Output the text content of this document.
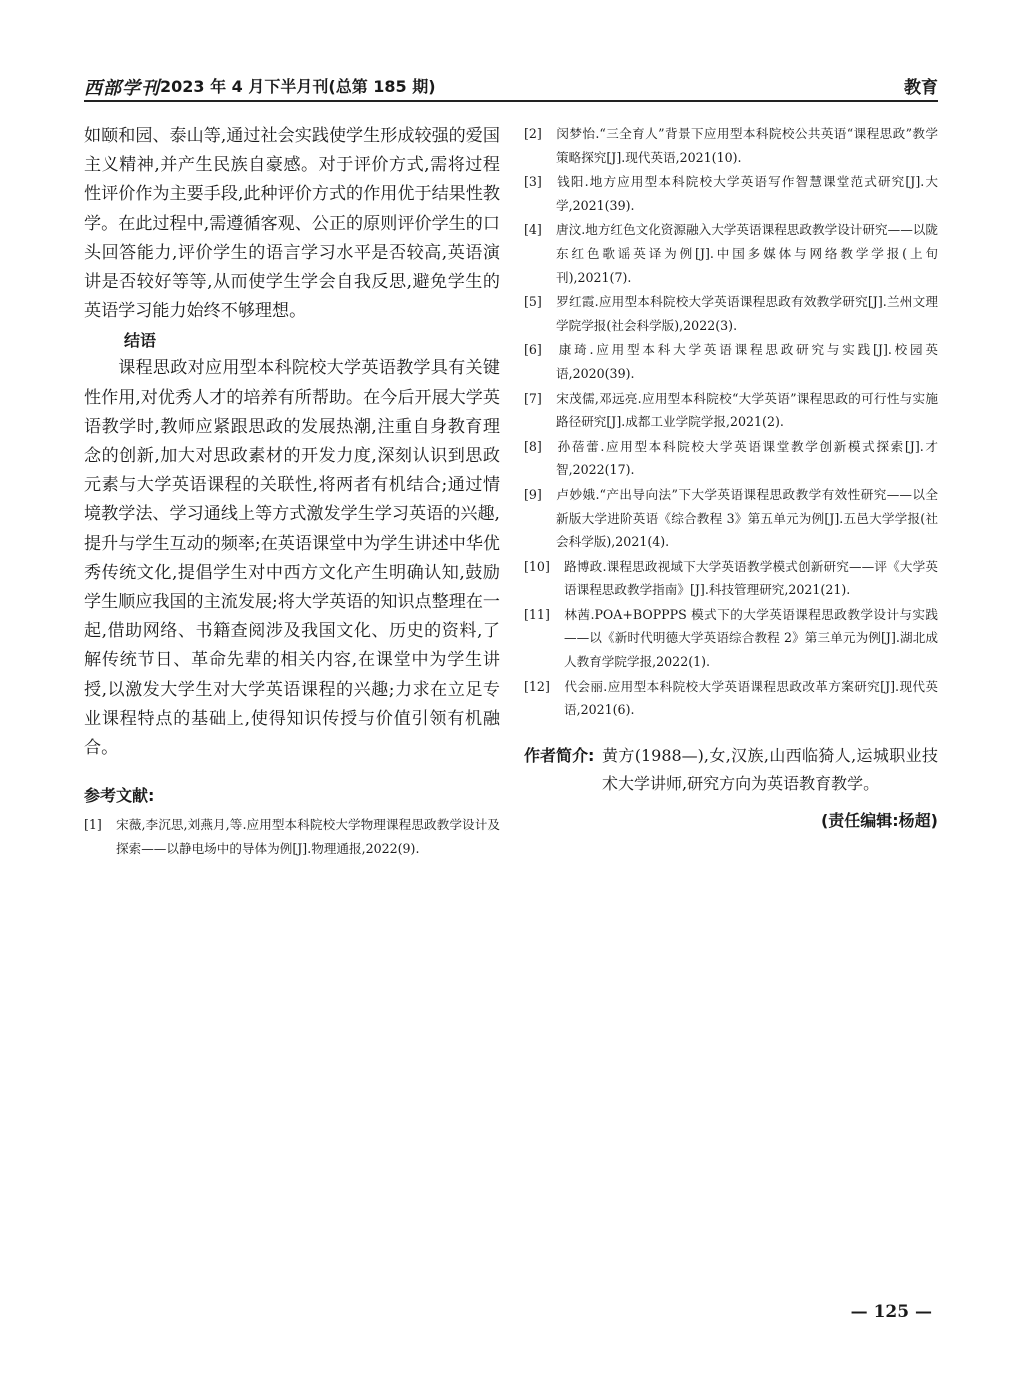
西部学刊 2023 年 4 月下半月刊(总第 185 期)	教育

如颐和园、泰山等,通过社会实践使学生形成较强的爱国主义精神,并产生民族自豪感。对于评价方式,需将过程性评价作为主要手段,此种评价方式的作用优于结果性教学。在此过程中,需遵循客观、公正的原则评价学生的口头回答能力,评价学生的语言学习水平是否较高,英语演讲是否较好等等,从而使学生学会自我反思,避免学生的英语学习能力始终不够理想。

结语

课程思政对应用型本科院校大学英语教学具有关键性作用,对优秀人才的培养有所帮助。在今后开展大学英语教学时,教师应紧跟思政的发展热潮,注重自身教育理念的创新,加大对思政素材的开发力度,深刻认识到思政元素与大学英语课程的关联性,将两者有机结合;通过情境教学法、学习通线上等方式激发学生学习英语的兴趣,提升与学生互动的频率;在英语课堂中为学生讲述中华优秀传统文化,提倡学生对中西方文化产生明确认知,鼓励学生顺应我国的主流发展;将大学英语的知识点整理在一起,借助网络、书籍查阅涉及我国文化、历史的资料,了解传统节日、革命先辈的相关内容,在课堂中为学生讲授,以激发大学生对大学英语课程的兴趣;力求在立足专业课程特点的基础上,使得知识传授与价值引领有机融合。

参考文献:

[1] 宋薇,李沉思,刘燕月,等.应用型本科院校大学物理课程思政教学设计及探索——以静电场中的导体为例[J].物理通报,2022(9).

[2] 闵梦怡.“三全育人”背景下应用型本科院校公共英语“课程思政”教学策略探究[J].现代英语,2021(10).

[3] 钱阳.地方应用型本科院校大学英语写作智慧课堂范式研究[J].大学,2021(39).

[4] 唐汶.地方红色文化资源融入大学英语课程思政教学设计研究——以陇东红色歌谣英译为例[J].中国多媒体与网络教学学报(上旬刊),2021(7).

[5] 罗红霞.应用型本科院校大学英语课程思政有效教学研究[J].兰州文理学院学报(社会科学版),2022(3).

[6] 康琦.应用型本科大学英语课程思政研究与实践[J].校园英语,2020(39).

[7] 宋茂儒,邓远亮.应用型本科院校“大学英语”课程思政的可行性与实施路径研究[J].成都工业学院学报,2021(2).

[8] 孙蓓蕾.应用型本科院校大学英语课堂教学创新模式探索[J].才智,2022(17).

[9] 卢妙娥.“产出导向法”下大学英语课程思政教学有效性研究——以全新版大学进阶英语《综合教程 3》第五单元为例[J].五邑大学学报(社会科学版),2021(4).

[10] 路博政.课程思政视域下大学英语教学模式创新研究——评《大学英语课程思政教学指南》[J].科技管理研究,2021(21).

[11] 林茜.POA+BOPPPS 模式下的大学英语课程思政教学设计与实践——以《新时代明德大学英语综合教程 2》第三单元为例[J].湖北成人教育学院学报,2022(1).

[12] 代会丽.应用型本科院校大学英语课程思政改革方案研究[J].现代英语,2021(6).

作者简介: 黄方(1988—),女,汉族,山西临猗人,运城职业技术大学讲师,研究方向为英语教育教学。
(责任编辑:杨超)
— 125 —
